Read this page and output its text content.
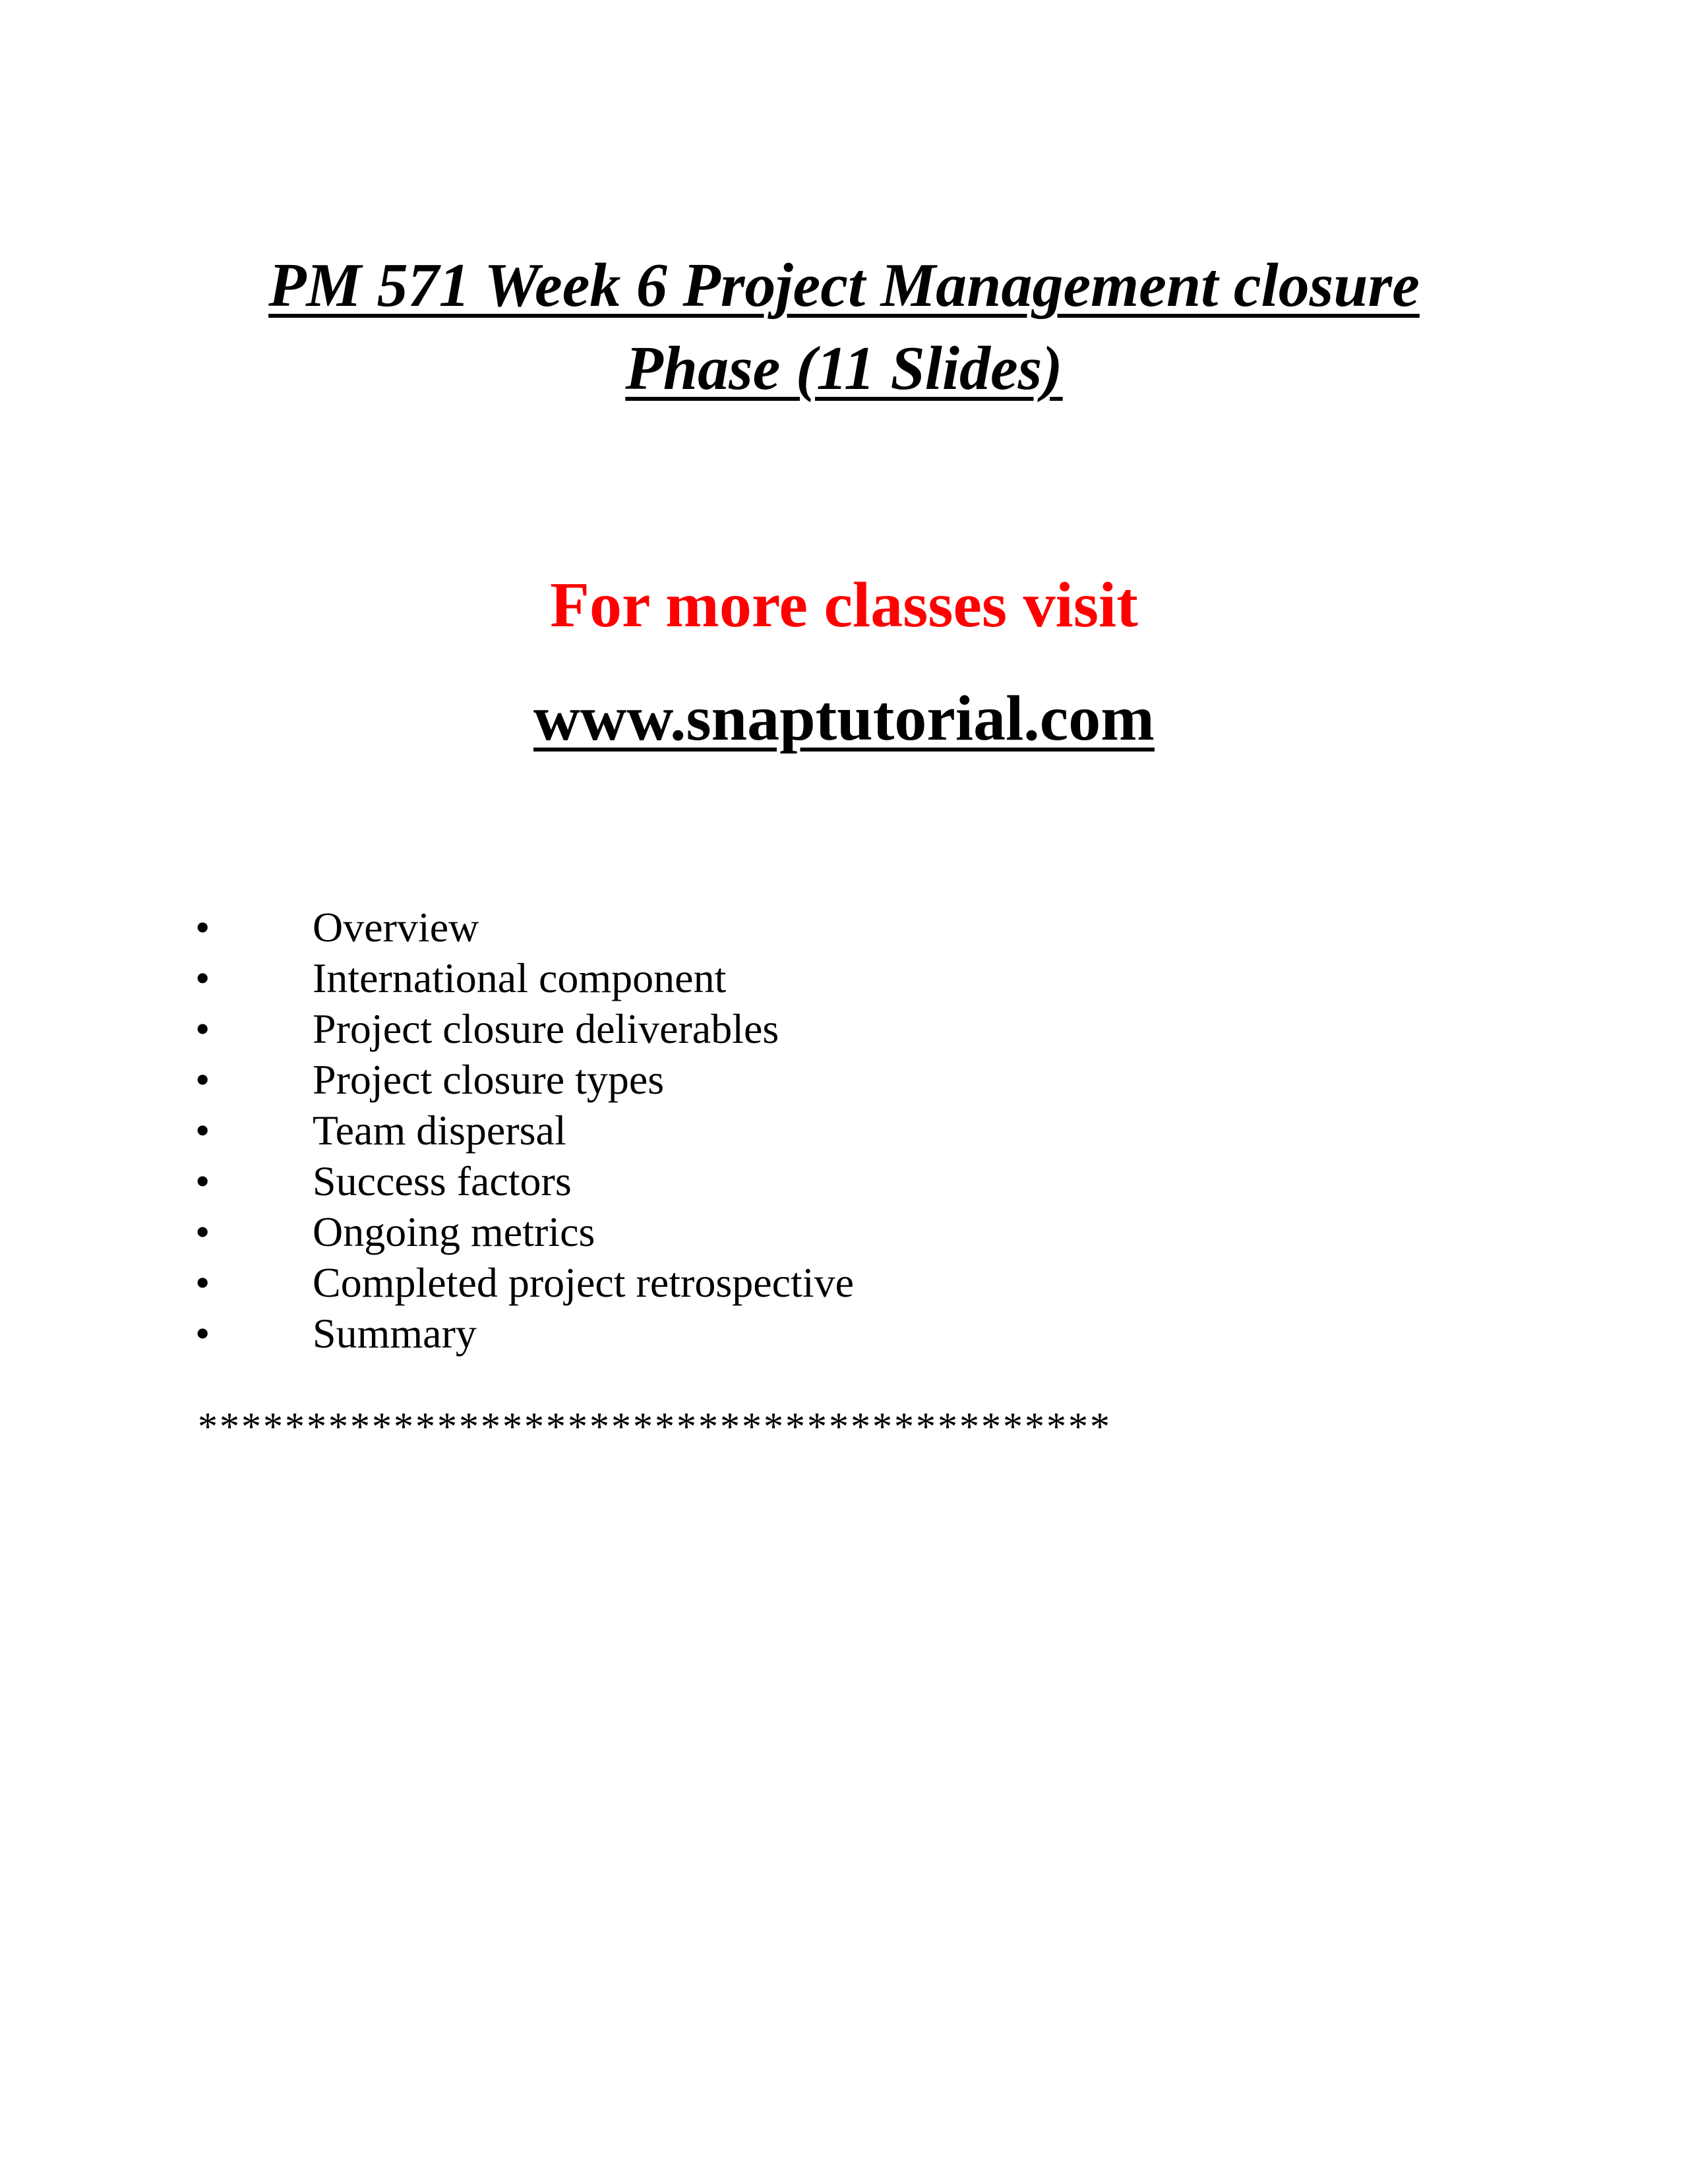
PM 571 Week 6 Project Management closure
Phase (11 Slides)
For more classes visit
www.snaptutorial.com
• Overview
• International component
• Project closure deliverables
• Project closure types
• Team dispersal
• Success factors
• Ongoing metrics
• Completed project retrospective
• Summary
******************************************
